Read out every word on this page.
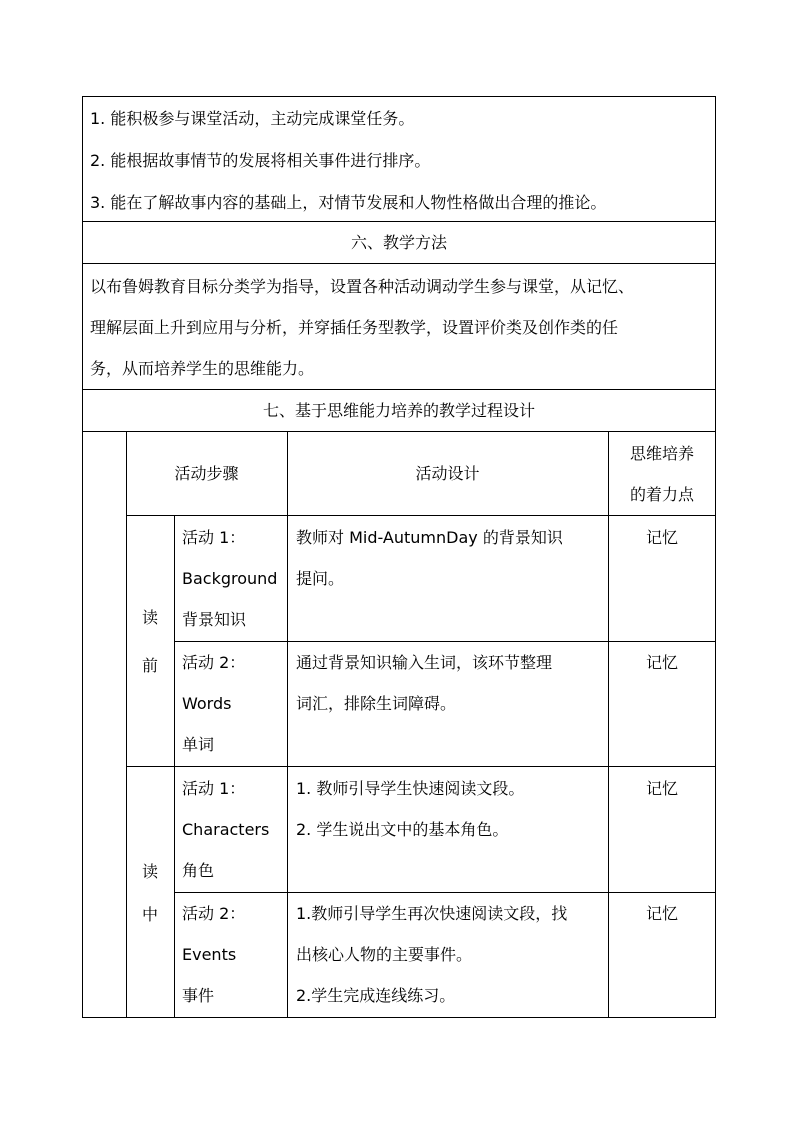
1. 能积极参与课堂活动，主动完成课堂任务。
2. 能根据故事情节的发展将相关事件进行排序。
3. 能在了解故事内容的基础上，对情节发展和人物性格做出合理的推论。
六、教学方法
以布鲁姆教育目标分类学为指导，设置各种活动调动学生参与课堂，从记忆、
理解层面上升到应用与分析，并穿插任务型教学，设置评价类及创作类的任
务，从而培养学生的思维能力。
七、基于思维能力培养的教学过程设计
活动步骤	活动设计
思维培养
的着力点
读
前
活动 1：
Background
背景知识
教师对 Mid-AutumnDay 的背景知识
提问。
记忆
活动 2：
Words
单词
通过背景知识输入生词，该环节整理
词汇，排除生词障碍。
记忆
读
中
活动 1：
Characters
角色
1. 教师引导学生快速阅读文段。
2. 学生说出文中的基本角色。
记忆
活动 2：
Events
事件
1.教师引导学生再次快速阅读文段，找
出核心人物的主要事件。
2.学生完成连线练习。
记忆
